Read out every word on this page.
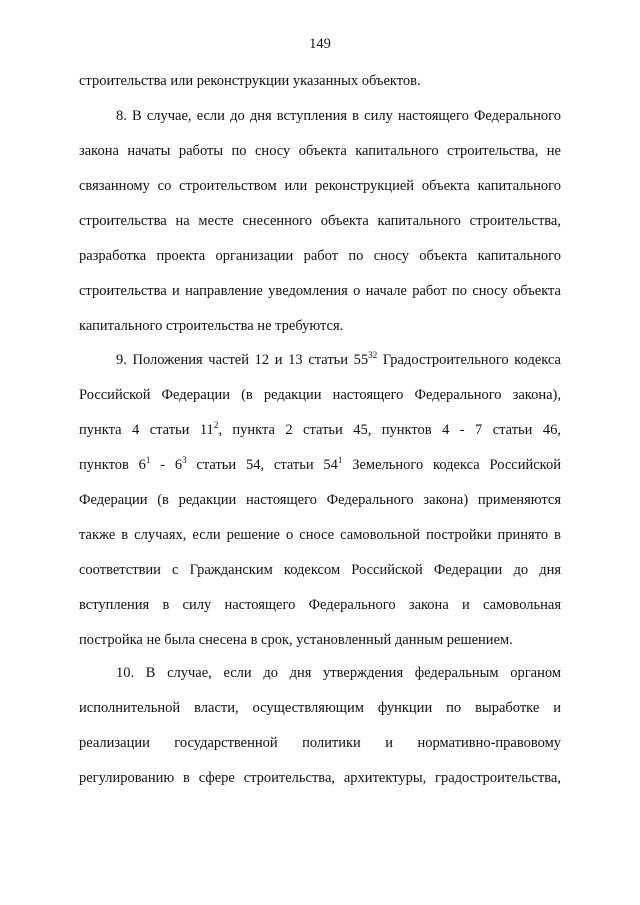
149
строительства или реконструкции указанных объектов.
8. В случае, если до дня вступления в силу настоящего Федерального
закона начаты работы по сносу объекта капитального строительства, не
связанному со строительством или реконструкцией объекта капитального
строительства на месте снесенного объекта капитального строительства,
разработка проекта организации работ по сносу объекта капитального
строительства и направление уведомления о начале работ по сносу объекта
капитального строительства не требуются.
9. Положения частей 12 и 13 статьи $55^{32}$ Градостроительного кодекса
Российской Федерации (в редакции настоящего Федерального закона),
пункта 4 статьи $11^2$, пункта 2 статьи 45, пунктов 4 - 7 статьи 46,
пунктов $6^1 - 6^3$ статьи 54, статьи $54^1$ Земельного кодекса Российской
Федерации (в редакции настоящего Федерального закона) применяются
также в случаях, если решение о сносе самовольной постройки принято в
соответствии с Гражданским кодексом Российской Федерации до дня
вступления в силу настоящего Федерального закона и самовольная
постройка не была снесена в срок, установленный данным решением.
10. В случае, если до дня утверждения федеральным органом
исполнительной власти, осуществляющим функции по выработке и
реализации государственной политики и нормативно-правовому
регулированию в сфере строительства, архитектуры, градостроительства,
